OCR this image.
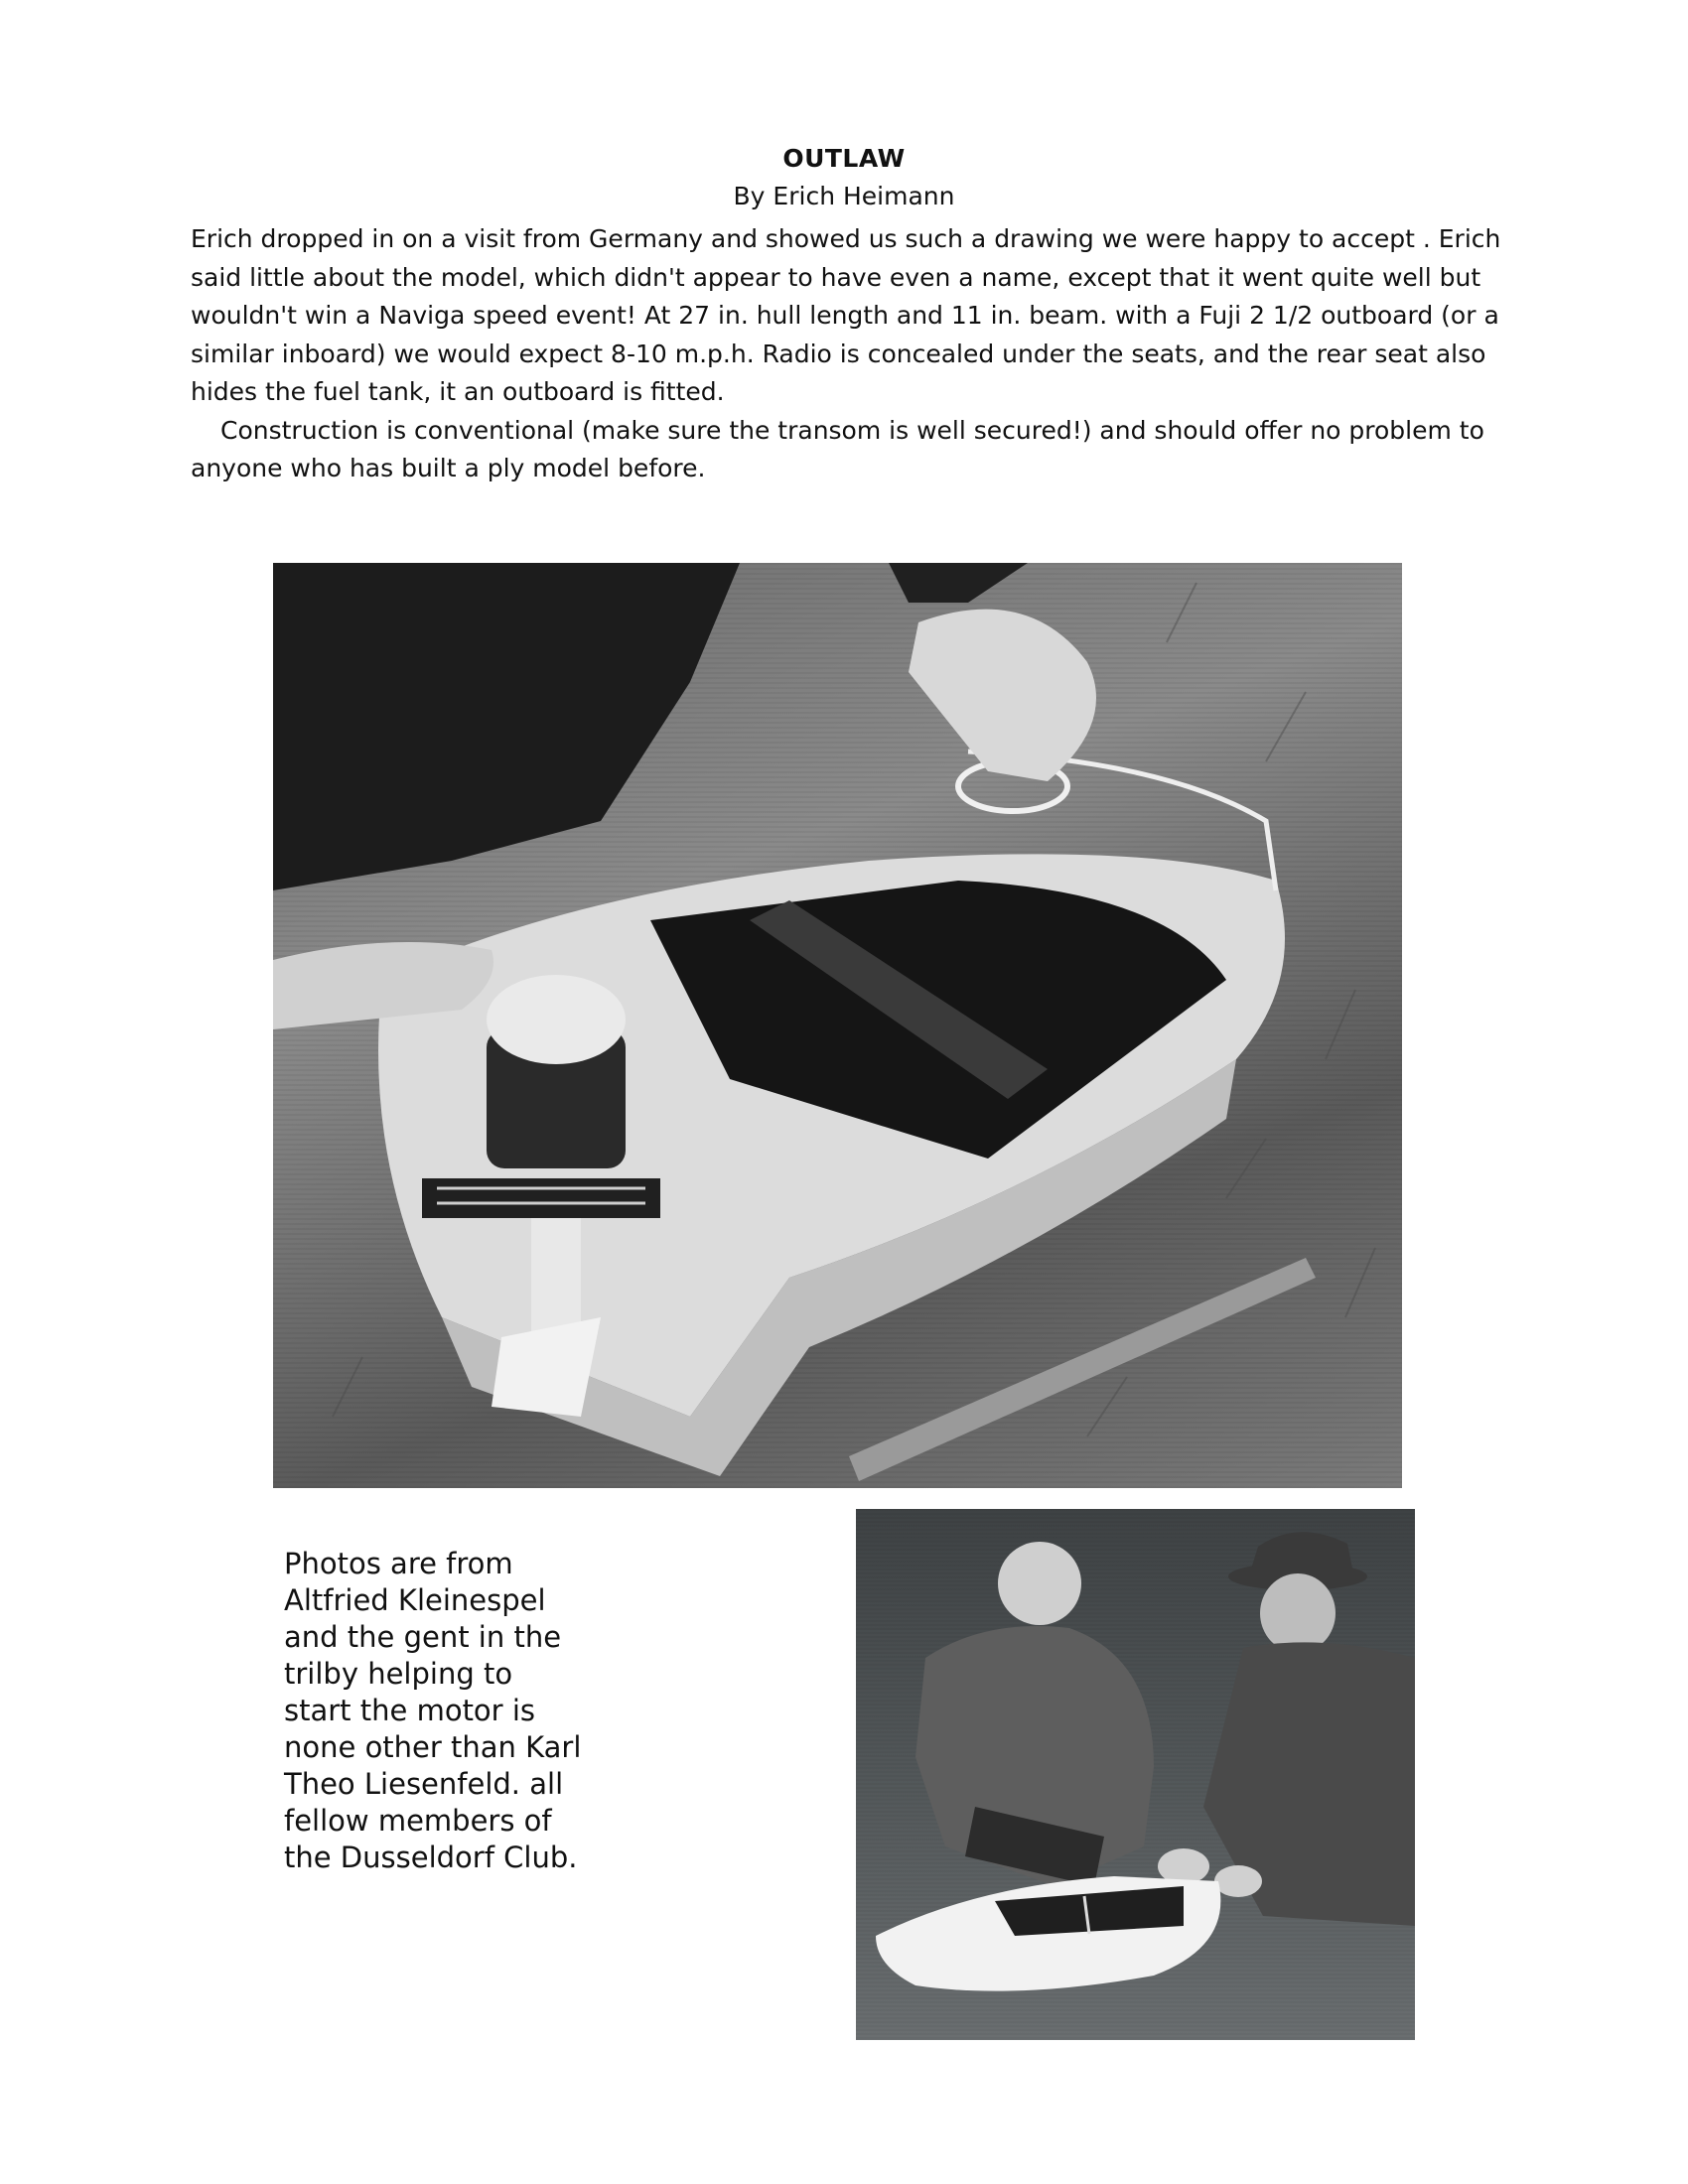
OUTLAW
By Erich Heimann

Erich dropped in on a visit from Germany and showed us such a drawing we were happy to accept . Erich said little about the model, which didn't appear to have even a name, except that it went quite well but wouldn't win a Naviga speed event! At 27 in. hull length and 11 in. beam. with a Fuji 2 1/2 outboard (or a similar inboard) we would expect 8-10 m.p.h. Radio is concealed under the seats, and the rear seat also hides the fuel tank, it an outboard is fitted.

Construction is conventional (make sure the transom is well secured!) and should offer no problem to anyone who has built a ply model before.

Photos are from
Altfried Kleinespel
and the gent in the
trilby helping to
start the motor is
none other than Karl
Theo Liesenfeld. all
fellow members of
the Dusseldorf Club.
